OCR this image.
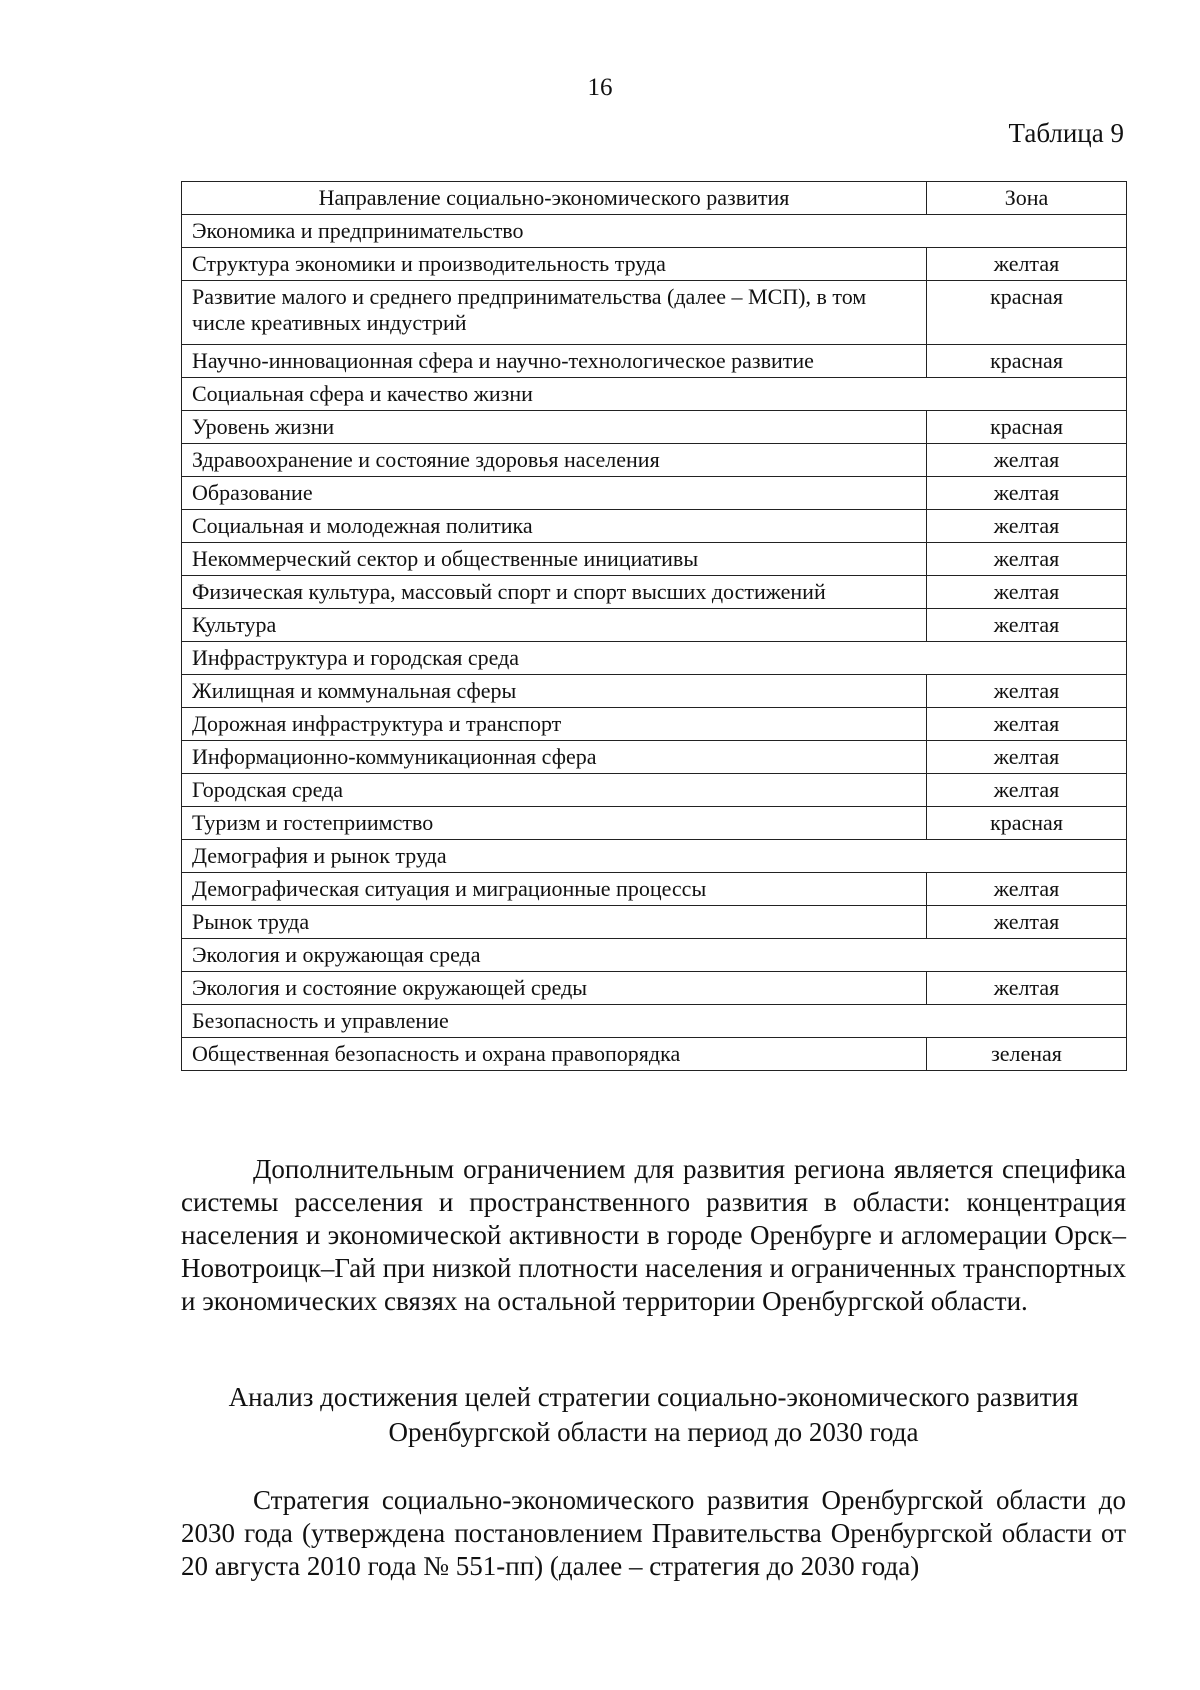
16
Таблица 9
Направление социально-экономического развития	Зона
Экономика и предпринимательство	
Структура экономики и производительность труда	желтая
Развитие малого и среднего предпринимательства (далее – МСП), в том числе креативных индустрий	красная
Научно-инновационная сфера и научно-технологическое развитие	красная
Социальная сфера и качество жизни	
Уровень жизни	красная
Здравоохранение и состояние здоровья населения	желтая
Образование	желтая
Социальная и молодежная политика	желтая
Некоммерческий сектор и общественные инициативы	желтая
Физическая культура, массовый спорт и спорт высших достижений	желтая
Культура	желтая
Инфраструктура и городская среда	
Жилищная и коммунальная сферы	желтая
Дорожная инфраструктура и транспорт	желтая
Информационно-коммуникационная сфера	желтая
Городская среда	желтая
Туризм и гостеприимство	красная
Демография и рынок труда	
Демографическая ситуация и миграционные процессы	желтая
Рынок труда	желтая
Экология и окружающая среда	
Экология и состояние окружающей среды	желтая
Безопасность и управление	
Общественная безопасность и охрана правопорядка	зеленая

Дополнительным ограничением для развития региона является специфика системы расселения и пространственного развития в области: концентрация населения и экономической активности в городе Оренбурге и агломерации Орск–Новотроицк–Гай при низкой плотности населения и ограниченных транспортных и экономических связях на остальной территории Оренбургской области.

Анализ достижения целей стратегии социально-экономического развития
Оренбургской области на период до 2030 года

Стратегия социально-экономического развития Оренбургской области до 2030 года (утверждена постановлением Правительства Оренбургской области от 20 августа 2010 года № 551-пп) (далее – стратегия до 2030 года)
